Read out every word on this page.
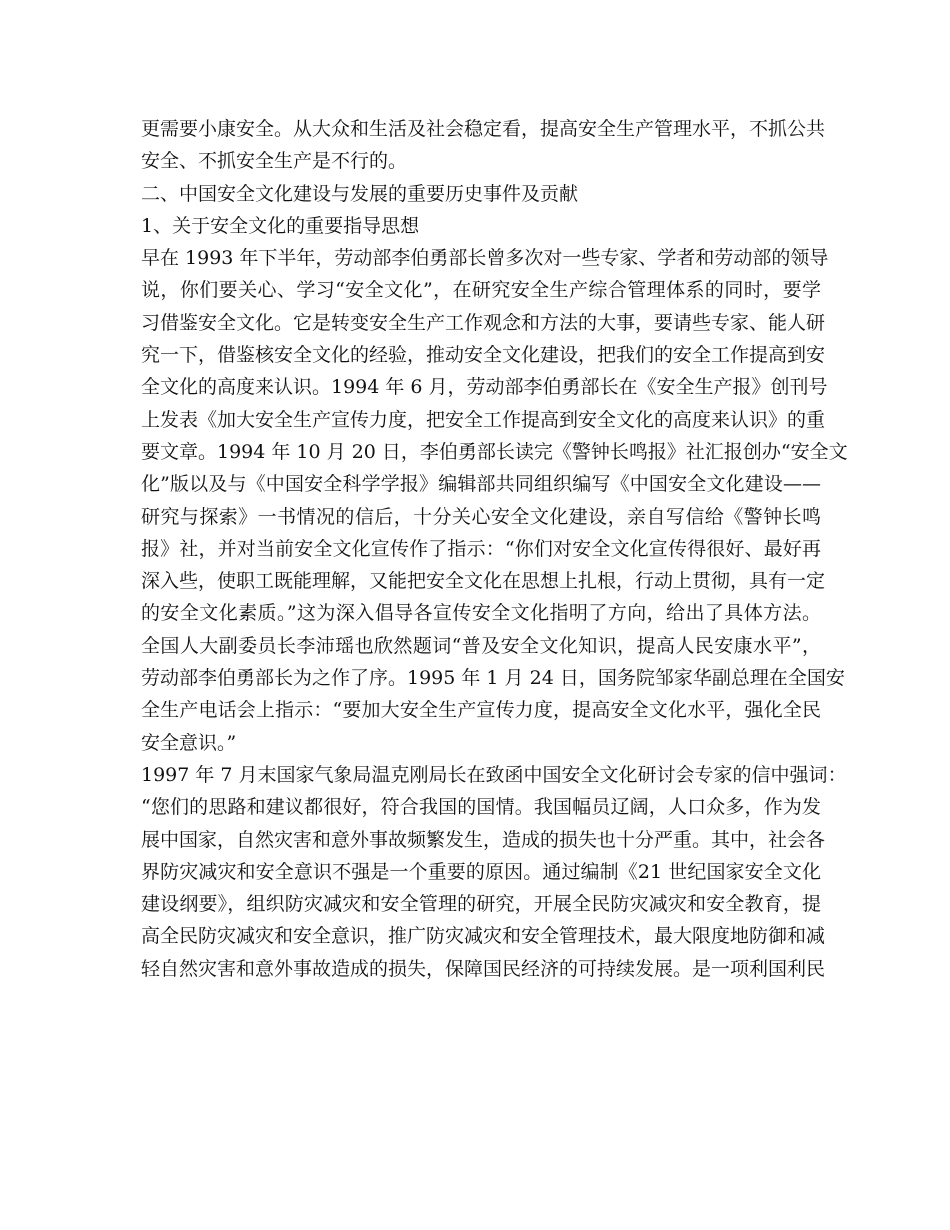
更需要小康安全。从大众和生活及社会稳定看，提高安全生产管理水平，不抓公共
安全、不抓安全生产是不行的。
二、中国安全文化建设与发展的重要历史事件及贡献
1、关于安全文化的重要指导思想
早在 1993 年下半年，劳动部李伯勇部长曾多次对一些专家、学者和劳动部的领导
说，你们要关心、学习“安全文化”，在研究安全生产综合管理体系的同时，要学
习借鉴安全文化。它是转变安全生产工作观念和方法的大事，要请些专家、能人研
究一下，借鉴核安全文化的经验，推动安全文化建设，把我们的安全工作提高到安
全文化的高度来认识。1994 年 6 月，劳动部李伯勇部长在《安全生产报》创刊号
上发表《加大安全生产宣传力度，把安全工作提高到安全文化的高度来认识》的重
要文章。1994 年 10 月 20 日，李伯勇部长读完《警钟长鸣报》社汇报创办“安全文
化”版以及与《中国安全科学学报》编辑部共同组织编写《中国安全文化建设——
研究与探索》一书情况的信后，十分关心安全文化建设，亲自写信给《警钟长鸣
报》社，并对当前安全文化宣传作了指示：“你们对安全文化宣传得很好、最好再
深入些，使职工既能理解，又能把安全文化在思想上扎根，行动上贯彻，具有一定
的安全文化素质。”这为深入倡导各宣传安全文化指明了方向，给出了具体方法。
全国人大副委员长李沛瑶也欣然题词“普及安全文化知识，提高人民安康水平”，
劳动部李伯勇部长为之作了序。1995 年 1 月 24 日，国务院邹家华副总理在全国安
全生产电话会上指示：“要加大安全生产宣传力度，提高安全文化水平，强化全民
安全意识。”
1997 年 7 月末国家气象局温克刚局长在致函中国安全文化研讨会专家的信中强词：
“您们的思路和建议都很好，符合我国的国情。我国幅员辽阔，人口众多，作为发
展中国家，自然灾害和意外事故频繁发生，造成的损失也十分严重。其中，社会各
界防灾减灾和安全意识不强是一个重要的原因。通过编制《21 世纪国家安全文化
建设纲要》，组织防灾减灾和安全管理的研究，开展全民防灾减灾和安全教育，提
高全民防灾减灾和安全意识，推广防灾减灾和安全管理技术，最大限度地防御和减
轻自然灾害和意外事故造成的损失，保障国民经济的可持续发展。是一项利国利民
